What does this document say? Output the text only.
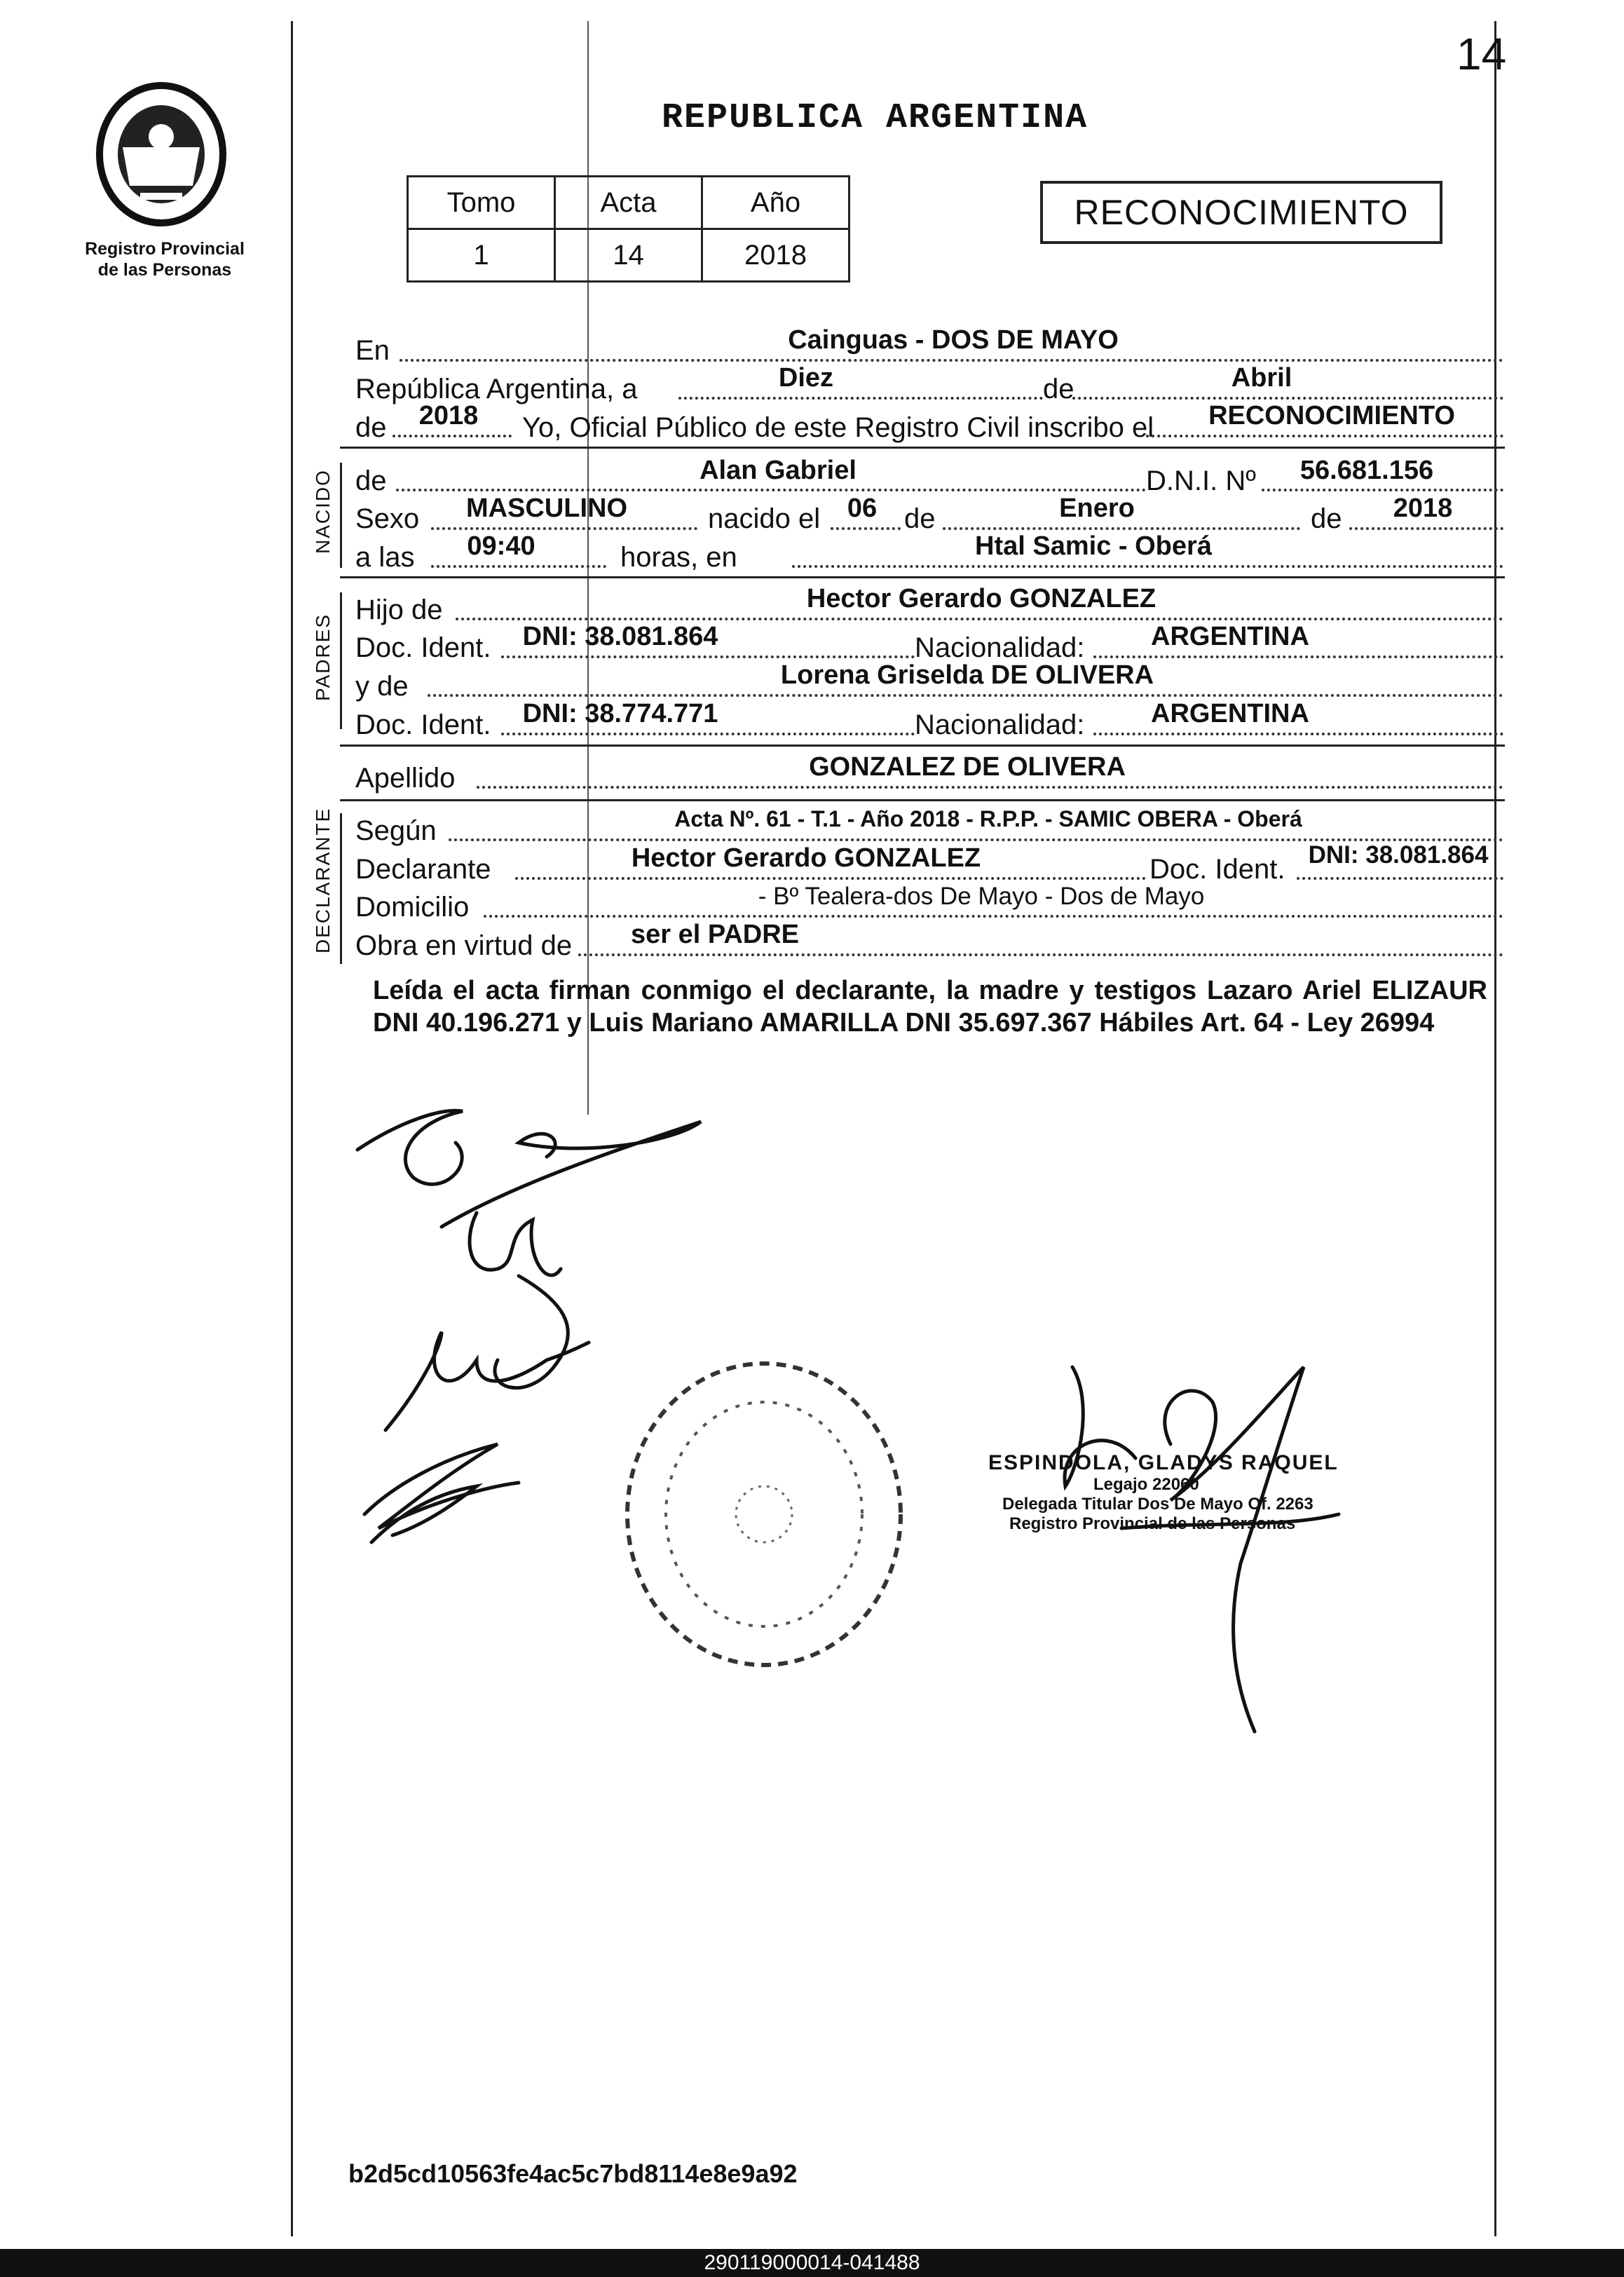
14
Registro Provincial de las Personas
REPUBLICA ARGENTINA
Tomo	Acta	Año
1	14	2018
RECONOCIMIENTO
En	Cainguas - DOS DE MAYO
República Argentina, a	Diez	de	Abril
de	2018	Yo, Oficial Público de este Registro Civil inscribo el	RECONOCIMIENTO
NACIDO de	Alan Gabriel	D.N.I. Nº	56.681.156
Sexo	MASCULINO	nacido el	06 de	Enero	de	2018
a las	09:40	horas, en	Htal Samic - Oberá
PADRES
Hijo de	Hector Gerardo GONZALEZ
Doc. Ident.	DNI: 38.081.864	Nacionalidad:	ARGENTINA
y de	Lorena Griselda DE OLIVERA
Doc. Ident.	DNI: 38.774.771	Nacionalidad:	ARGENTINA
Apellido	GONZALEZ DE OLIVERA
DECLARANTE Según	Acta Nº. 61 - T.1 - Año 2018 - R.P.P. - SAMIC OBERA - Oberá
Declarante	Hector Gerardo GONZALEZ	Doc. Ident. DNI: 38.081.864
Domicilio	- Bº Tealera-dos De Mayo - Dos de Mayo
Obra en virtud de	ser el PADRE
Leída el acta firman conmigo el declarante, la madre y testigos Lazaro Ariel ELIZAUR DNI 40.196.271 y Luis Mariano AMARILLA DNI 35.697.367 Hábiles Art. 64 - Ley 26994
ESPINDOLA, GLADYS RAQUEL
Legajo 22060
Delegada Titular Dos De Mayo Of. 2263
Registro Provincial de las Personas
b2d5cd10563fe4ac5c7bd8114e8e9a92
290119000014-041488
